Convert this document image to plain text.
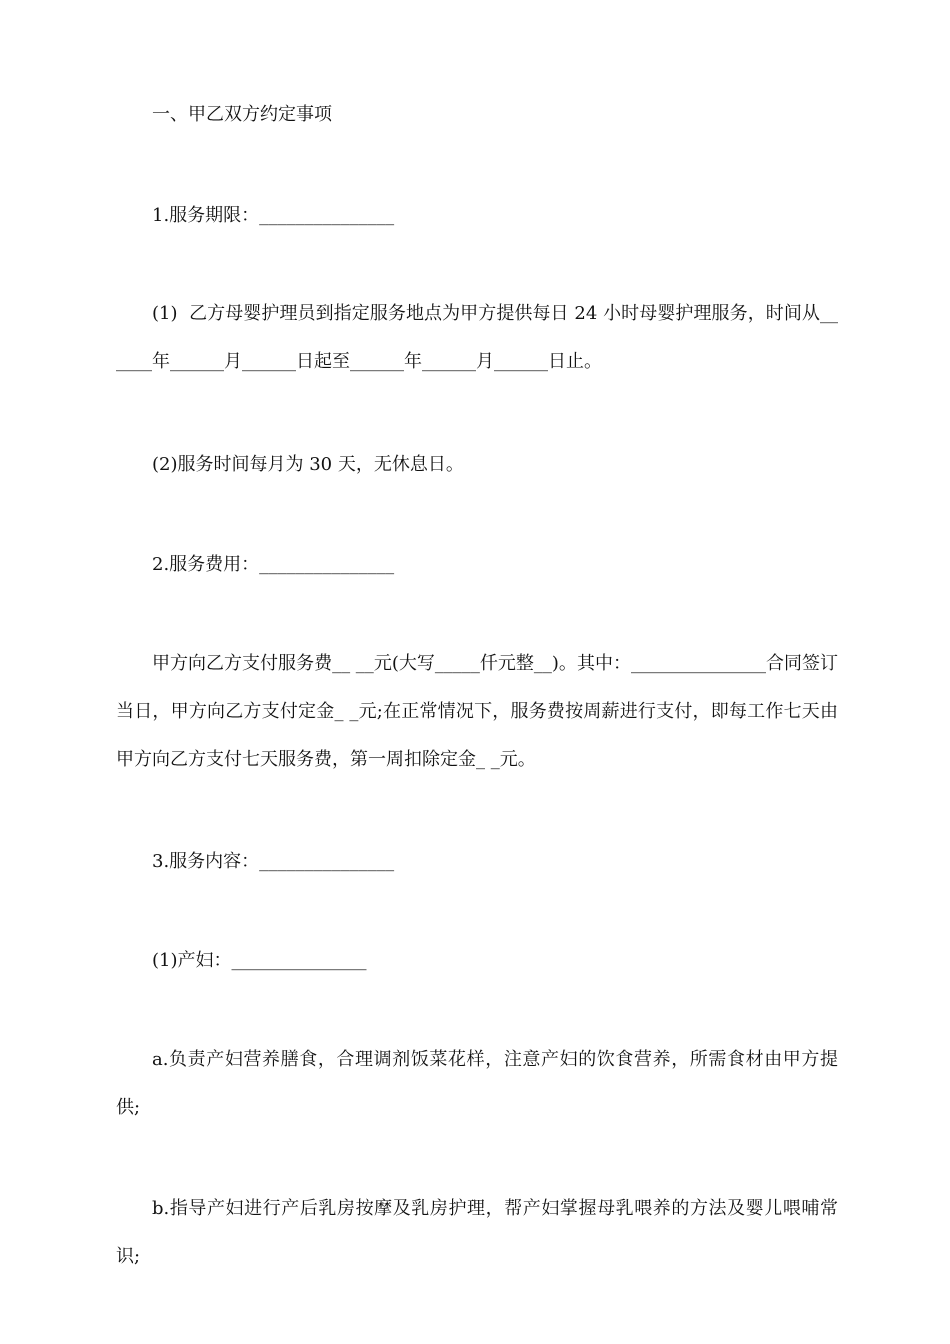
一、甲乙双方约定事项

1.服务期限：_______________

(1)  乙方母婴护理员到指定服务地点为甲方提供每日 24 小时母婴护理服务，时间从______年______月______日起至______年______月______日止。

(2)服务时间每月为 30 天，无休息日。

2.服务费用：_______________

甲方向乙方支付服务费__ __元(大写_____仟元整__)。其中：_______________合同签订当日，甲方向乙方支付定金_ _元;在正常情况下，服务费按周薪进行支付，即每工作七天由甲方向乙方支付七天服务费，第一周扣除定金_ _元。

3.服务内容：_______________

(1)产妇：_______________

a.负责产妇营养膳食，合理调剂饭菜花样，注意产妇的饮食营养，所需食材由甲方提供;

b.指导产妇进行产后乳房按摩及乳房护理，帮产妇掌握母乳喂养的方法及婴儿喂哺常识;
